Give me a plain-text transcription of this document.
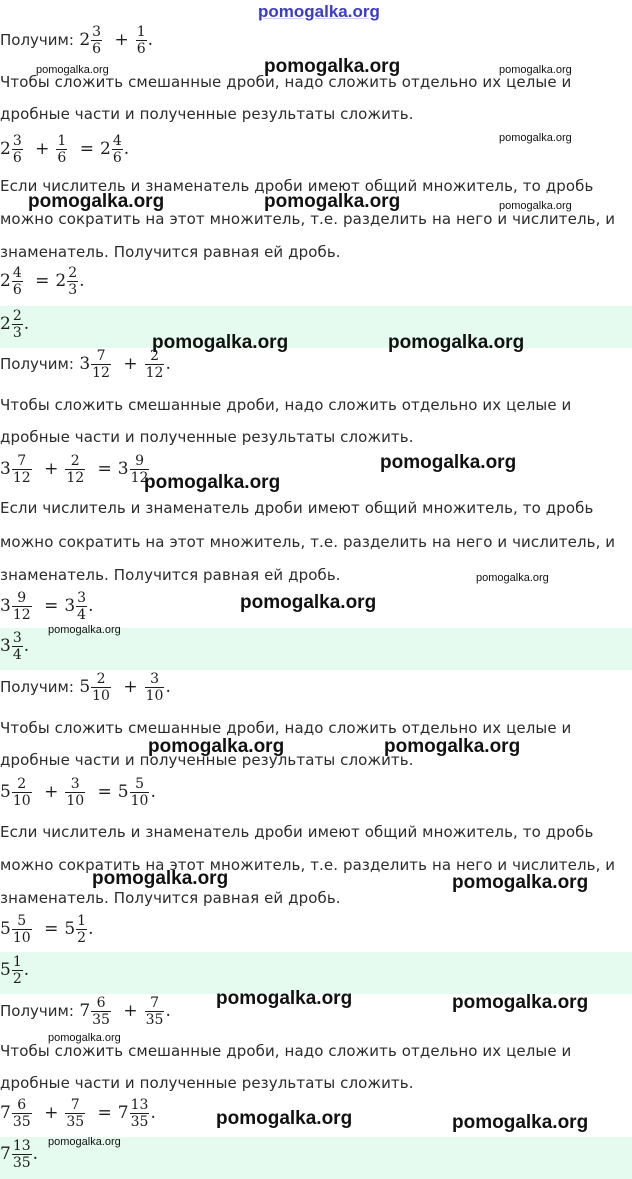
pomogalka.org
Получим: $2 \frac{3}{6} + \frac{1}{6}$ .
Чтобы сложить смешанные дроби, надо сложить отдельно их целые и
дробные части и полученные результаты сложить.
$2 \frac{3}{6} + \frac{1}{6} = 2 \frac{4}{6}$ .
Если числитель и знаменатель дроби имеют общий множитель, то дробь
можно сократить на этот множитель, т.е. разделить на него и числитель, и
знаменатель. Получится равная ей дробь.
$2 \frac{4}{6} = 2 \frac{2}{3}$ .
$2 \frac{2}{3}$ .
Получим: $3 \frac{7}{12} + \frac{2}{12}$ .
Чтобы сложить смешанные дроби, надо сложить отдельно их целые и
дробные части и полученные результаты сложить.
$3 \frac{7}{12} + \frac{2}{12} = 3 \frac{9}{12}$
Если числитель и знаменатель дроби имеют общий множитель, то дробь
можно сократить на этот множитель, т.е. разделить на него и числитель, и
знаменатель. Получится равная ей дробь.
$3 \frac{9}{12} = 3 \frac{3}{4}$ .
$3 \frac{3}{4}$ .
Получим: $5 \frac{2}{10} + \frac{3}{10}$ .
Чтобы сложить смешанные дроби, надо сложить отдельно их целые и
дробные части и полученные результаты сложить.
$5 \frac{2}{10} + \frac{3}{10} = 5 \frac{5}{10}$ .
Если числитель и знаменатель дроби имеют общий множитель, то дробь
можно сократить на этот множитель, т.е. разделить на него и числитель, и
знаменатель. Получится равная ей дробь.
$5 \frac{5}{10} = 5 \frac{1}{2}$ .
$5 \frac{1}{2}$ .
Получим: $7 \frac{6}{35} + \frac{7}{35}$ .
Чтобы сложить смешанные дроби, надо сложить отдельно их целые и
дробные части и полученные результаты сложить.
$7 \frac{6}{35} + \frac{7}{35} = 7 \frac{13}{35}$ .
$7 \frac{13}{35}$ .
pomogalka.org
pomogalka.org	pomogalka.org
pomogalka.org
pomogalka.org	pomogalka.org	pomogalka.org
pomogalka.org	pomogalka.org
pomogalka.org
pomogalka.org
pomogalka.org
pomogalka.org
pomogalka.org
pomogalka.org	pomogalka.org
pomogalka.org	pomogalka.org
pomogalka.org	pomogalka.org
pomogalka.org
pomogalka.org	pomogalka.org
pomogalka.org
